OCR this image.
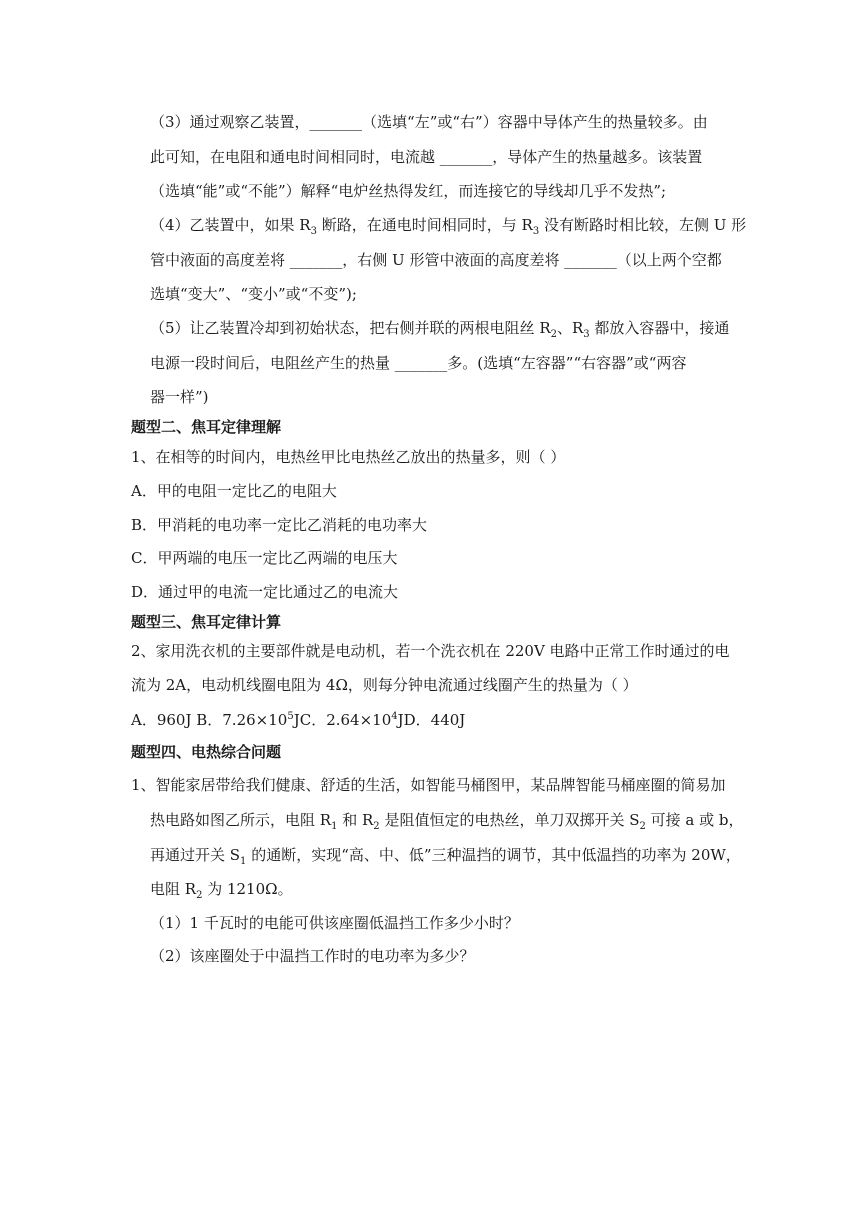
（3）通过观察乙装置，_______（选填“左”或“右”）容器中导体产生的热量较多。由
此可知，在电阻和通电时间相同时，电流越 _______，导体产生的热量越多。该装置
（选填“能”或“不能”）解释“电炉丝热得发红，而连接它的导线却几乎不发热”;
（4）乙装置中，如果 $R_3$ 断路，在通电时间相同时，与 $R_3$ 没有断路时相比较，左侧 U 形
管中液面的高度差将 _______，右侧 U 形管中液面的高度差将 _______（以上两个空都
选填“变大”、“变小”或“不变”);
（5）让乙装置冷却到初始状态，把右侧并联的两根电阻丝 $R_2$、$R_3$ 都放入容器中，接通
电源一段时间后，电阻丝产生的热量 _______多。(选填“左容器”“右容器”或“两容
器一样”)
题型二、焦耳定律理解
1、在相等的时间内，电热丝甲比电热丝乙放出的热量多，则（ ）
A．甲的电阻一定比乙的电阻大
B．甲消耗的电功率一定比乙消耗的电功率大
C．甲两端的电压一定比乙两端的电压大
D．通过甲的电流一定比通过乙的电流大
题型三、焦耳定律计算
2、家用洗衣机的主要部件就是电动机，若一个洗衣机在 220V 电路中正常工作时通过的电
流为 2A，电动机线圈电阻为 4Ω，则每分钟电流通过线圈产生的热量为（ ）
A．960J B．$7.26\times 10^5JC$．$2.64\times 10^4JD$．440J
题型四、电热综合问题
1、智能家居带给我们健康、舒适的生活，如智能马桶图甲，某品牌智能马桶座圈的简易加
热电路如图乙所示，电阻 $R_1$ 和 $R_2$ 是阻值恒定的电热丝，单刀双掷开关 $S_2$ 可接 a 或 b，
再通过开关 $S_1$ 的通断，实现“高、中、低”三种温挡的调节，其中低温挡的功率为 20W，
电阻 $R_2$ 为 1210Ω。
（1）1 千瓦时的电能可供该座圈低温挡工作多少小时？
（2）该座圈处于中温挡工作时的电功率为多少？
